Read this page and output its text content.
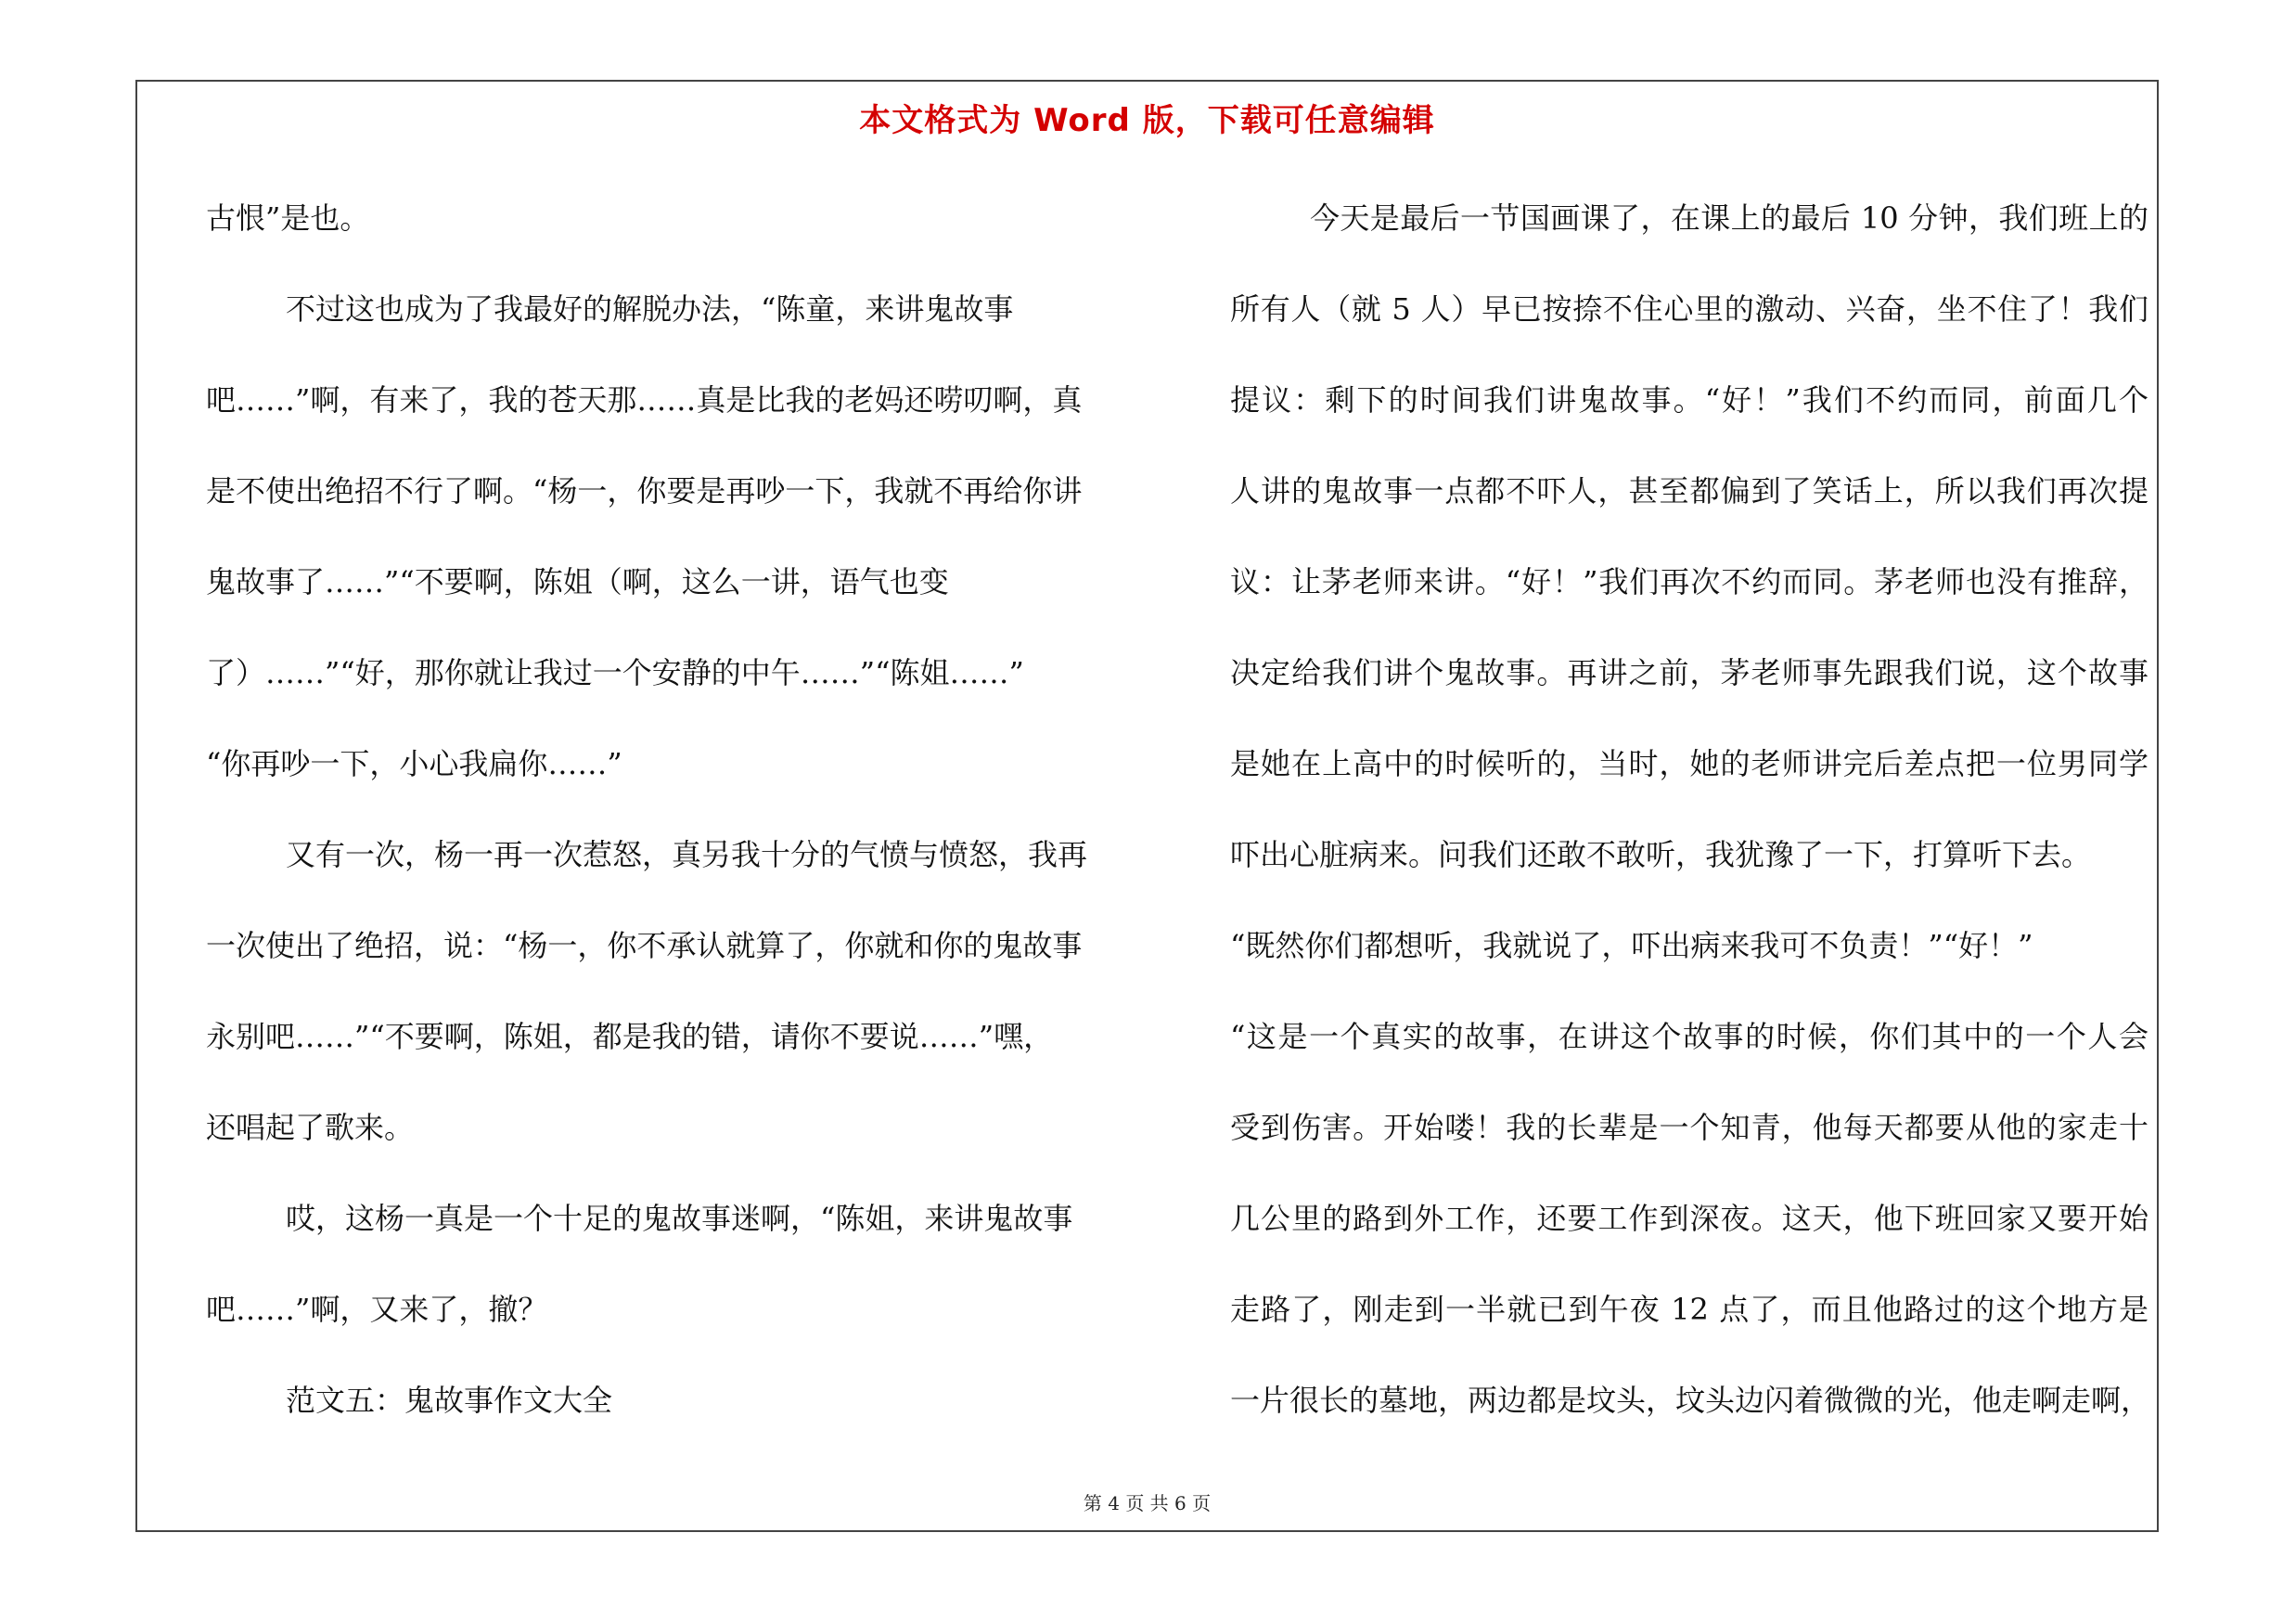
本文格式为 Word 版，下载可任意编辑
古恨”是也。
不过这也成为了我最好的解脱办法，“陈童，来讲鬼故事
吧……”啊，有来了，我的苍天那……真是比我的老妈还唠叨啊，真
是不使出绝招不行了啊。“杨一，你要是再吵一下，我就不再给你讲
鬼故事了……”“不要啊，陈姐（啊，这么一讲，语气也变
了）……”“好，那你就让我过一个安静的中午……”“陈姐……”
“你再吵一下，小心我扁你……”
又有一次，杨一再一次惹怒，真另我十分的气愤与愤怒，我再
一次使出了绝招，说：“杨一，你不承认就算了，你就和你的鬼故事
永别吧……”“不要啊，陈姐，都是我的错，请你不要说……”嘿，
还唱起了歌来。
哎，这杨一真是一个十足的鬼故事迷啊，“陈姐，来讲鬼故事
吧……”啊，又来了，撤？
范文五：鬼故事作文大全
今天是最后一节国画课了，在课上的最后 10 分钟，我们班上的
所有人（就 5 人）早已按捺不住心里的激动、兴奋，坐不住了！我们
提议：剩下的时间我们讲鬼故事。“好！”我们不约而同，前面几个
人讲的鬼故事一点都不吓人，甚至都偏到了笑话上，所以我们再次提
议：让茅老师来讲。“好！”我们再次不约而同。茅老师也没有推辞，
决定给我们讲个鬼故事。再讲之前，茅老师事先跟我们说，这个故事
是她在上高中的时候听的，当时，她的老师讲完后差点把一位男同学
吓出心脏病来。问我们还敢不敢听，我犹豫了一下，打算听下去。
“既然你们都想听，我就说了，吓出病来我可不负责！”“好！”
“这是一个真实的故事，在讲这个故事的时候，你们其中的一个人会
受到伤害。开始喽！我的长辈是一个知青，他每天都要从他的家走十
几公里的路到外工作，还要工作到深夜。这天，他下班回家又要开始
走路了，刚走到一半就已到午夜 12 点了，而且他路过的这个地方是
一片很长的墓地，两边都是坟头，坟头边闪着微微的光，他走啊走啊，
第 4 页 共 6 页
